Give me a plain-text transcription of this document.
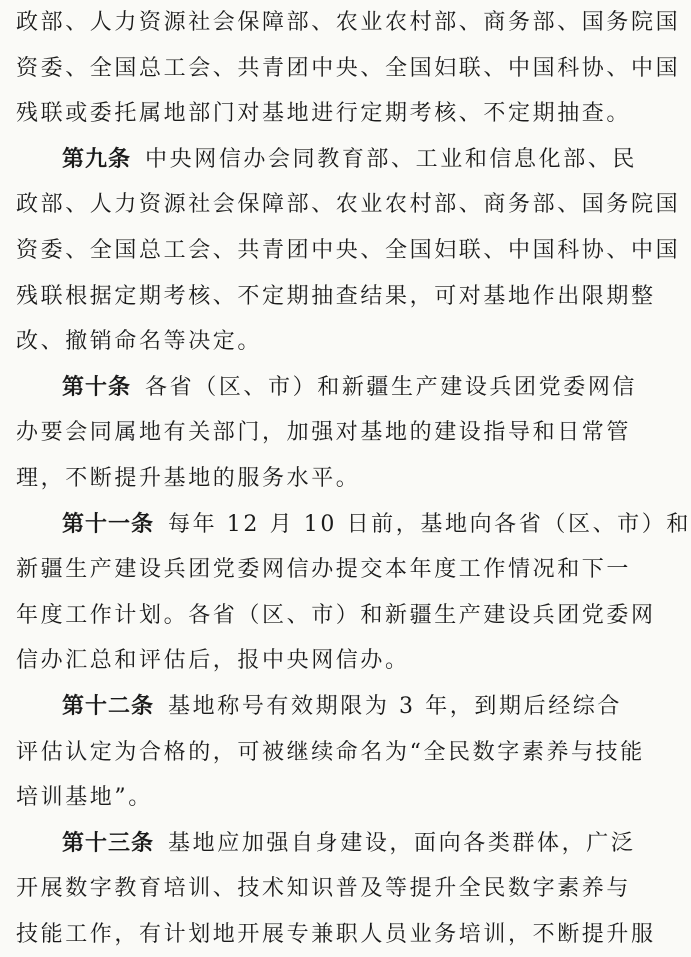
政部、人力资源社会保障部、农业农村部、商务部、国务院国
资委、全国总工会、共青团中央、全国妇联、中国科协、中国
残联或委托属地部门对基地进行定期考核、不定期抽查。
第九条 中央网信办会同教育部、工业和信息化部、民
政部、人力资源社会保障部、农业农村部、商务部、国务院国
资委、全国总工会、共青团中央、全国妇联、中国科协、中国
残联根据定期考核、不定期抽查结果，可对基地作出限期整
改、撤销命名等决定。
第十条 各省（区、市）和新疆生产建设兵团党委网信
办要会同属地有关部门，加强对基地的建设指导和日常管
理，不断提升基地的服务水平。
第十一条 每年 12 月 10 日前，基地向各省（区、市）和
新疆生产建设兵团党委网信办提交本年度工作情况和下一
年度工作计划。各省（区、市）和新疆生产建设兵团党委网
信办汇总和评估后，报中央网信办。
第十二条 基地称号有效期限为 3 年，到期后经综合
评估认定为合格的，可被继续命名为“全民数字素养与技能
培训基地”。
第十三条 基地应加强自身建设，面向各类群体，广泛
开展数字教育培训、技术知识普及等提升全民数字素养与
技能工作，有计划地开展专兼职人员业务培训，不断提升服
